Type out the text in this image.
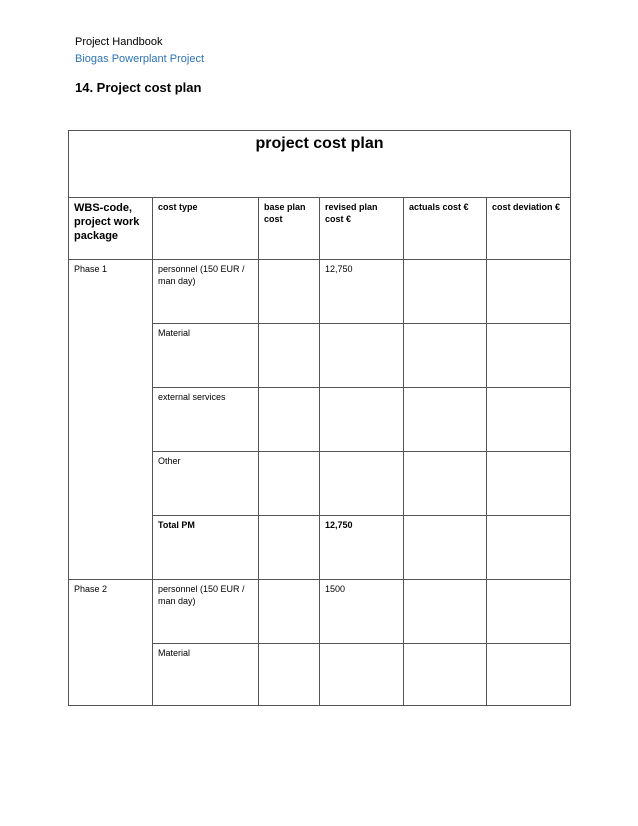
Project Handbook
Biogas Powerplant Project
14. Project cost plan
project cost plan					

WBS-code, project work package	cost type	base plan cost	revised plan cost €	actuals cost €	cost deviation €
Phase 1	personnel (150 EUR / man day)		12,750		
	Material				
	external services				
	Other				
	Total PM		12,750		
Phase 2	personnel (150 EUR / man day)		1500		
	Material				
